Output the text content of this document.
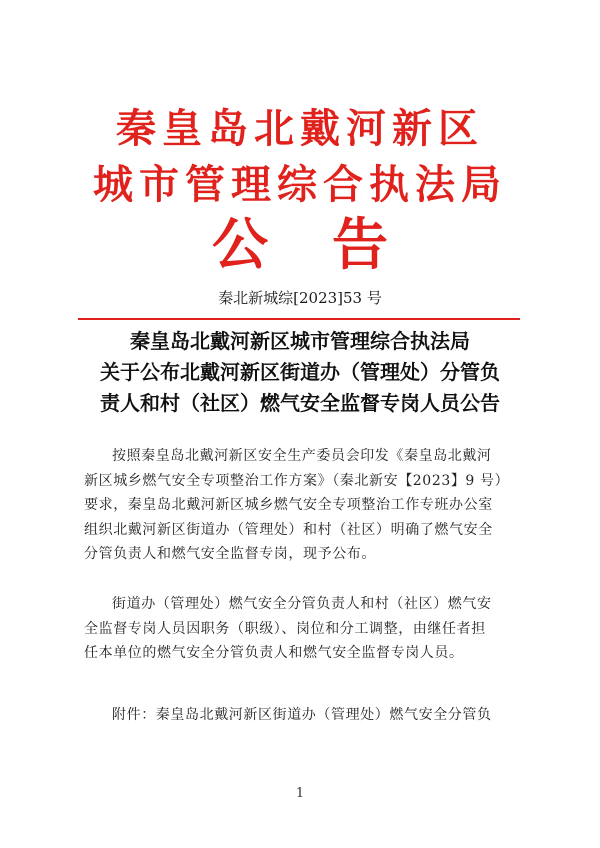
秦皇岛北戴河新区
城市管理综合执法局
公告
秦北新城综[2023]53 号
秦皇岛北戴河新区城市管理综合执法局
关于公布北戴河新区街道办（管理处）分管负
责人和村（社区）燃气安全监督专岗人员公告
按照秦皇岛北戴河新区安全生产委员会印发《秦皇岛北戴河
新区城乡燃气安全专项整治工作方案》（秦北新安【2023】9 号）
要求，秦皇岛北戴河新区城乡燃气安全专项整治工作专班办公室
组织北戴河新区街道办（管理处）和村（社区）明确了燃气安全
分管负责人和燃气安全监督专岗，现予公布。
街道办（管理处）燃气安全分管负责人和村（社区）燃气安
全监督专岗人员因职务（职级）、岗位和分工调整，由继任者担
任本单位的燃气安全分管负责人和燃气安全监督专岗人员。
附件：秦皇岛北戴河新区街道办（管理处）燃气安全分管负
1
